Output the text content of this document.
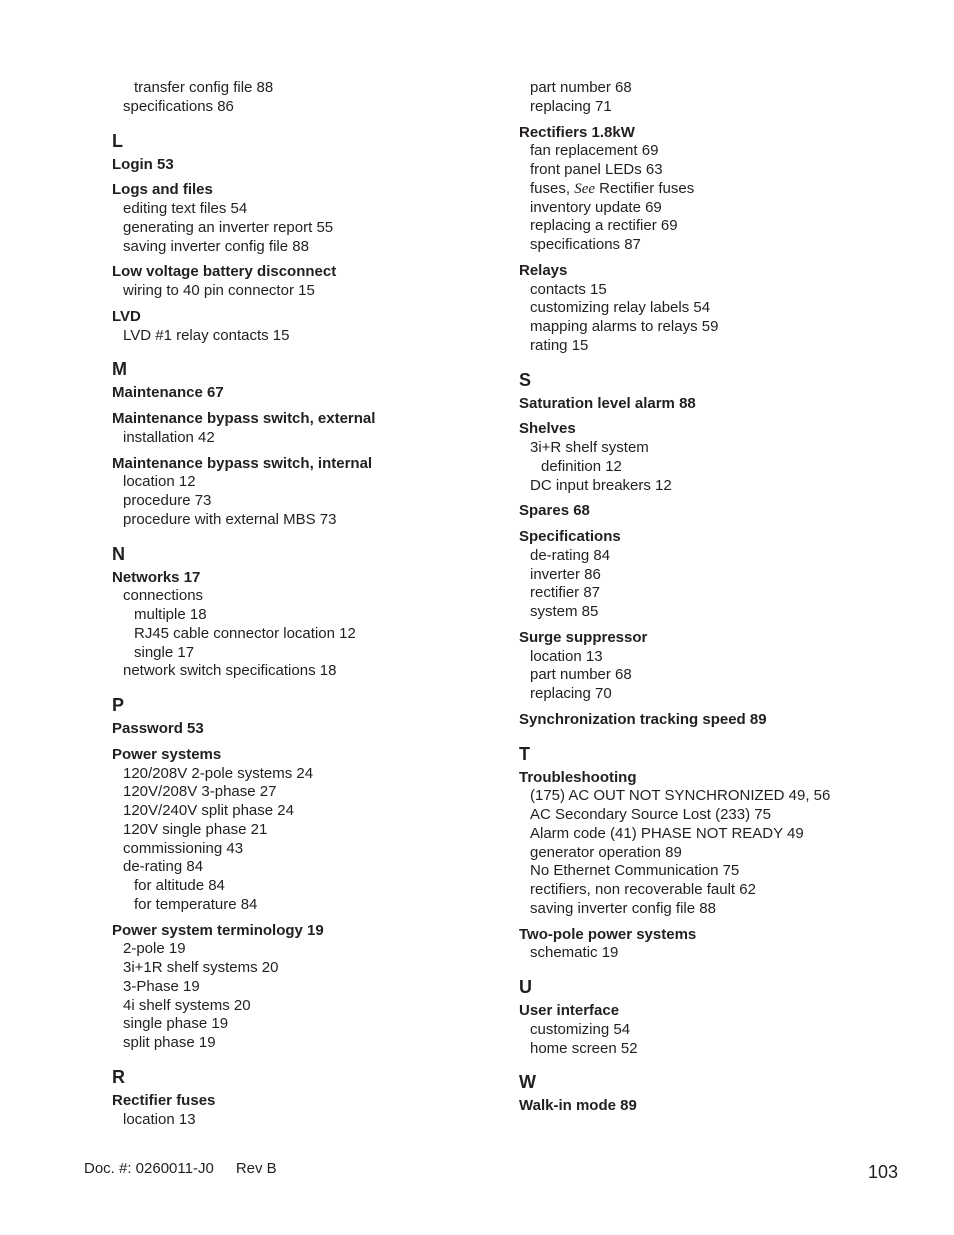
transfer config file 88
specifications 86
L
Login 53
Logs and files
editing text files 54
generating an inverter report 55
saving inverter config file 88
Low voltage battery disconnect
wiring to 40 pin connector 15
LVD
LVD #1 relay contacts 15
M
Maintenance 67
Maintenance bypass switch, external
installation 42
Maintenance bypass switch, internal
location 12
procedure 73
procedure with external MBS 73
N
Networks 17
connections
multiple 18
RJ45 cable connector location 12
single 17
network switch specifications 18
P
Password 53
Power systems
120/208V 2-pole systems 24
120V/208V 3-phase 27
120V/240V split phase 24
120V single phase 21
commissioning 43
de-rating 84
for altitude 84
for temperature 84
Power system terminology 19
2-pole 19
3i+1R shelf systems 20
3-Phase 19
4i shelf systems 20
single phase 19
split phase 19
R
Rectifier fuses
location 13
part number 68
replacing 71
Rectifiers 1.8kW
fan replacement 69
front panel LEDs 63
fuses, See Rectifier fuses
inventory update 69
replacing a rectifier 69
specifications 87
Relays
contacts 15
customizing relay labels 54
mapping alarms to relays 59
rating 15
S
Saturation level alarm 88
Shelves
3i+R shelf system
definition 12
DC input breakers 12
Spares 68
Specifications
de-rating 84
inverter 86
rectifier 87
system 85
Surge suppressor
location 13
part number 68
replacing 70
Synchronization tracking speed 89
T
Troubleshooting
(175) AC OUT NOT SYNCHRONIZED 49, 56
AC Secondary Source Lost (233) 75
Alarm code (41) PHASE NOT READY 49
generator operation 89
No Ethernet Communication 75
rectifiers, non recoverable fault 62
saving inverter config file 88
Two-pole power systems
schematic 19
U
User interface
customizing 54
home screen 52
W
Walk-in mode 89
Doc. #: 0260011-J0 Rev B	103
